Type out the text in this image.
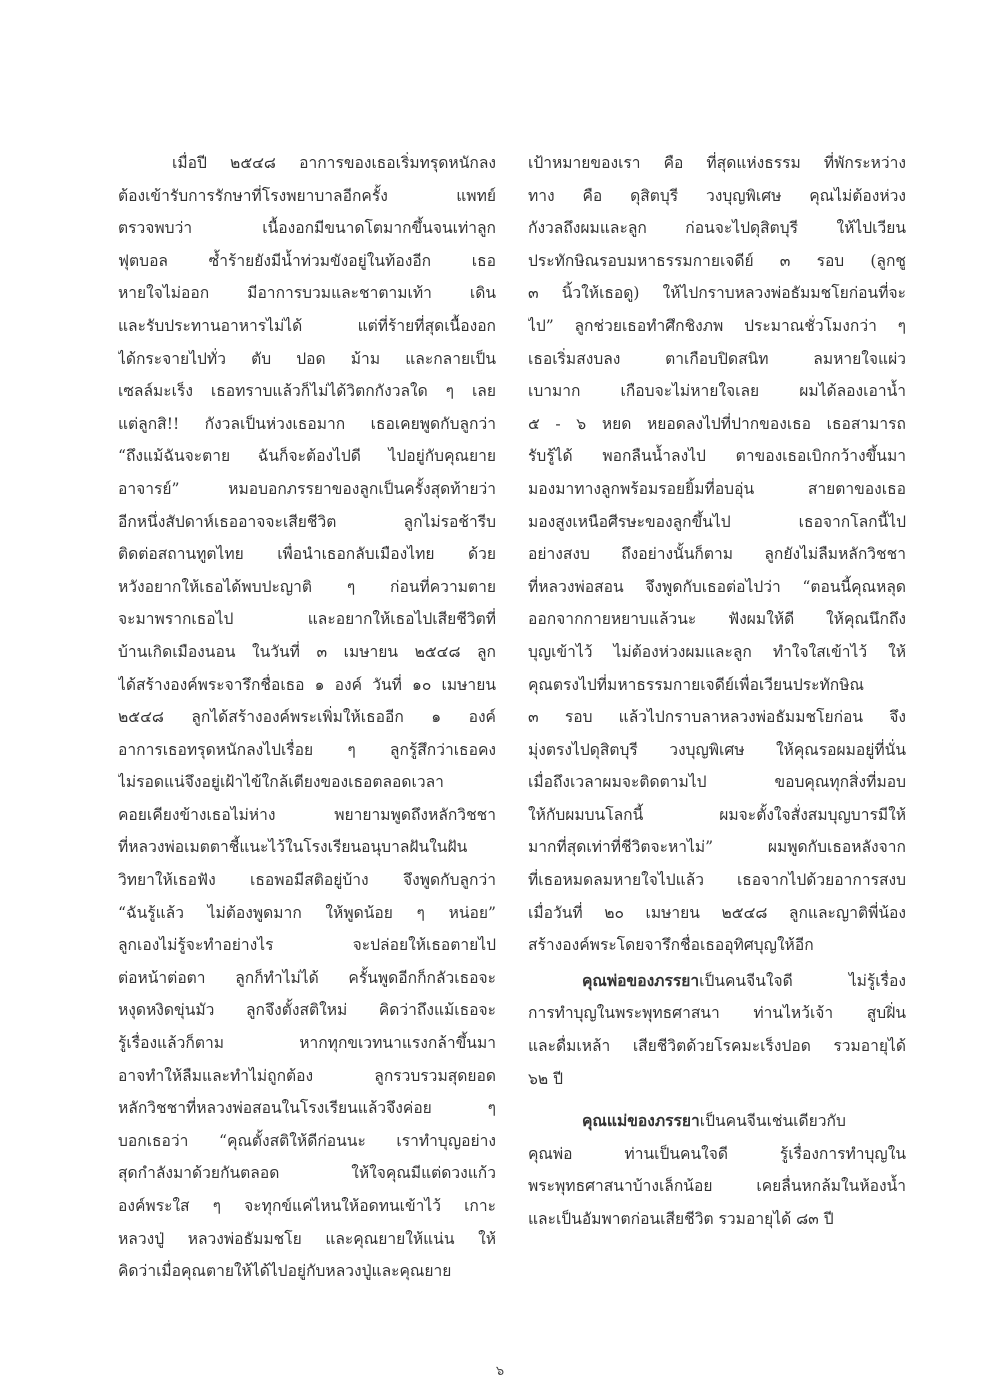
เมื่อปี ๒๕๔๘ อาการของเธอเริ่มทรุดหนักลง
ต้องเข้ารับการรักษาที่โรงพยาบาลอีกครั้ง แพทย์
ตรวจพบว่า เนื้องอกมีขนาดโตมากขึ้นจนเท่าลูก
ฟุตบอล ซ้ำร้ายยังมีน้ำท่วมขังอยู่ในท้องอีก เธอ
หายใจไม่ออก มีอาการบวมและชาตามเท้า เดิน
และรับประทานอาหารไม่ได้ แต่ที่ร้ายที่สุดเนื้องอก
ได้กระจายไปทั่ว ตับ ปอด ม้าม และกลายเป็น
เซลล์มะเร็ง เธอทราบแล้วก็ไม่ได้วิตกกังวลใด ๆ เลย
แต่ลูกสิ!! กังวลเป็นห่วงเธอมาก เธอเคยพูดกับลูกว่า
“ถึงแม้ฉันจะตาย ฉันก็จะต้องไปดี ไปอยู่กับคุณยาย
อาจารย์” หมอบอกภรรยาของลูกเป็นครั้งสุดท้ายว่า
อีกหนึ่งสัปดาห์เธออาจจะเสียชีวิต ลูกไม่รอช้ารีบ
ติดต่อสถานทูตไทย เพื่อนำเธอกลับเมืองไทย ด้วย
หวังอยากให้เธอได้พบปะญาติ ๆ ก่อนที่ความตาย
จะมาพรากเธอไป และอยากให้เธอไปเสียชีวิตที่
บ้านเกิดเมืองนอน ในวันที่ ๓ เมษายน ๒๕๔๘ ลูก
ได้สร้างองค์พระจารึกชื่อเธอ ๑ องค์ วันที่ ๑๐ เมษายน
๒๕๔๘ ลูกได้สร้างองค์พระเพิ่มให้เธออีก ๑ องค์
อาการเธอทรุดหนักลงไปเรื่อย ๆ ลูกรู้สึกว่าเธอคง
ไม่รอดแน่จึงอยู่เฝ้าไข้ใกล้เตียงของเธอตลอดเวลา
คอยเคียงข้างเธอไม่ห่าง พยายามพูดถึงหลักวิชชา
ที่หลวงพ่อเมตตาชี้แนะไว้ในโรงเรียนอนุบาลฝันในฝัน
วิทยาให้เธอฟัง เธอพอมีสติอยู่บ้าง จึงพูดกับลูกว่า
“ฉันรู้แล้ว ไม่ต้องพูดมาก ให้พูดน้อย ๆ หน่อย”
ลูกเองไม่รู้จะทำอย่างไร จะปล่อยให้เธอตายไป
ต่อหน้าต่อตา ลูกก็ทำไม่ได้ ครั้นพูดอีกก็กลัวเธอจะ
หงุดหงิดขุ่นมัว ลูกจึงตั้งสติใหม่ คิดว่าถึงแม้เธอจะ
รู้เรื่องแล้วก็ตาม หากทุกขเวทนาแรงกล้าขึ้นมา
อาจทำให้ลืมและทำไม่ถูกต้อง ลูกรวบรวมสุดยอด
หลักวิชชาที่หลวงพ่อสอนในโรงเรียนแล้วจึงค่อย ๆ
บอกเธอว่า “คุณตั้งสติให้ดีก่อนนะ เราทำบุญอย่าง
สุดกำลังมาด้วยกันตลอด ให้ใจคุณมีแต่ดวงแก้ว
องค์พระใส ๆ จะทุกข์แค่ไหนให้อดทนเข้าไว้ เกาะ
หลวงปู่ หลวงพ่อธัมมชโย และคุณยายให้แน่น ให้
คิดว่าเมื่อคุณตายให้ได้ไปอยู่กับหลวงปู่และคุณยาย
เป้าหมายของเรา คือ ที่สุดแห่งธรรม ที่พักระหว่าง
ทาง คือ ดุสิตบุรี วงบุญพิเศษ คุณไม่ต้องห่วง
กังวลถึงผมและลูก ก่อนจะไปดุสิตบุรี ให้ไปเวียน
ประทักษิณรอบมหาธรรมกายเจดีย์ ๓ รอบ (ลูกชู
๓ นิ้วให้เธอดู) ให้ไปกราบหลวงพ่อธัมมชโยก่อนที่จะ
ไป” ลูกช่วยเธอทำศึกชิงภพ ประมาณชั่วโมงกว่า ๆ
เธอเริ่มสงบลง ตาเกือบปิดสนิท ลมหายใจแผ่ว
เบามาก เกือบจะไม่หายใจเลย ผมได้ลองเอาน้ำ
๕ - ๖ หยด หยอดลงไปที่ปากของเธอ เธอสามารถ
รับรู้ได้ พอกลืนน้ำลงไป ตาของเธอเบิกกว้างขึ้นมา
มองมาทางลูกพร้อมรอยยิ้มที่อบอุ่น สายตาของเธอ
มองสูงเหนือศีรษะของลูกขึ้นไป เธอจากโลกนี้ไป
อย่างสงบ ถึงอย่างนั้นก็ตาม ลูกยังไม่ลืมหลักวิชชา
ที่หลวงพ่อสอน จึงพูดกับเธอต่อไปว่า “ตอนนี้คุณหลุด
ออกจากกายหยาบแล้วนะ ฟังผมให้ดี ให้คุณนึกถึง
บุญเข้าไว้ ไม่ต้องห่วงผมและลูก ทำใจใสเข้าไว้ ให้
คุณตรงไปที่มหาธรรมกายเจดีย์เพื่อเวียนประทักษิณ
๓ รอบ แล้วไปกราบลาหลวงพ่อธัมมชโยก่อน จึง
มุ่งตรงไปดุสิตบุรี วงบุญพิเศษ ให้คุณรอผมอยู่ที่นั่น
เมื่อถึงเวลาผมจะติดตามไป ขอบคุณทุกสิ่งที่มอบ
ให้กับผมบนโลกนี้ ผมจะตั้งใจสั่งสมบุญบารมีให้
มากที่สุดเท่าที่ชีวิตจะหาไม่” ผมพูดกับเธอหลังจาก
ที่เธอหมดลมหายใจไปแล้ว เธอจากไปด้วยอาการสงบ
เมื่อวันที่ ๒๐ เมษายน ๒๕๔๘ ลูกและญาติพี่น้อง
สร้างองค์พระโดยจารึกชื่อเธออุทิศบุญให้อีก
คุณพ่อของภรรยาเป็นคนจีนใจดี ไม่รู้เรื่อง
การทำบุญในพระพุทธศาสนา ท่านไหว้เจ้า สูบฝิ่น
และดื่มเหล้า เสียชีวิตด้วยโรคมะเร็งปอด รวมอายุได้
๖๒ ปี
คุณแม่ของภรรยาเป็นคนจีนเช่นเดียวกับ
คุณพ่อ ท่านเป็นคนใจดี รู้เรื่องการทำบุญใน
พระพุทธศาสนาบ้างเล็กน้อย เคยลื่นหกล้มในห้องน้ำ
และเป็นอัมพาตก่อนเสียชีวิต รวมอายุได้ ๘๓ ปี
๖
